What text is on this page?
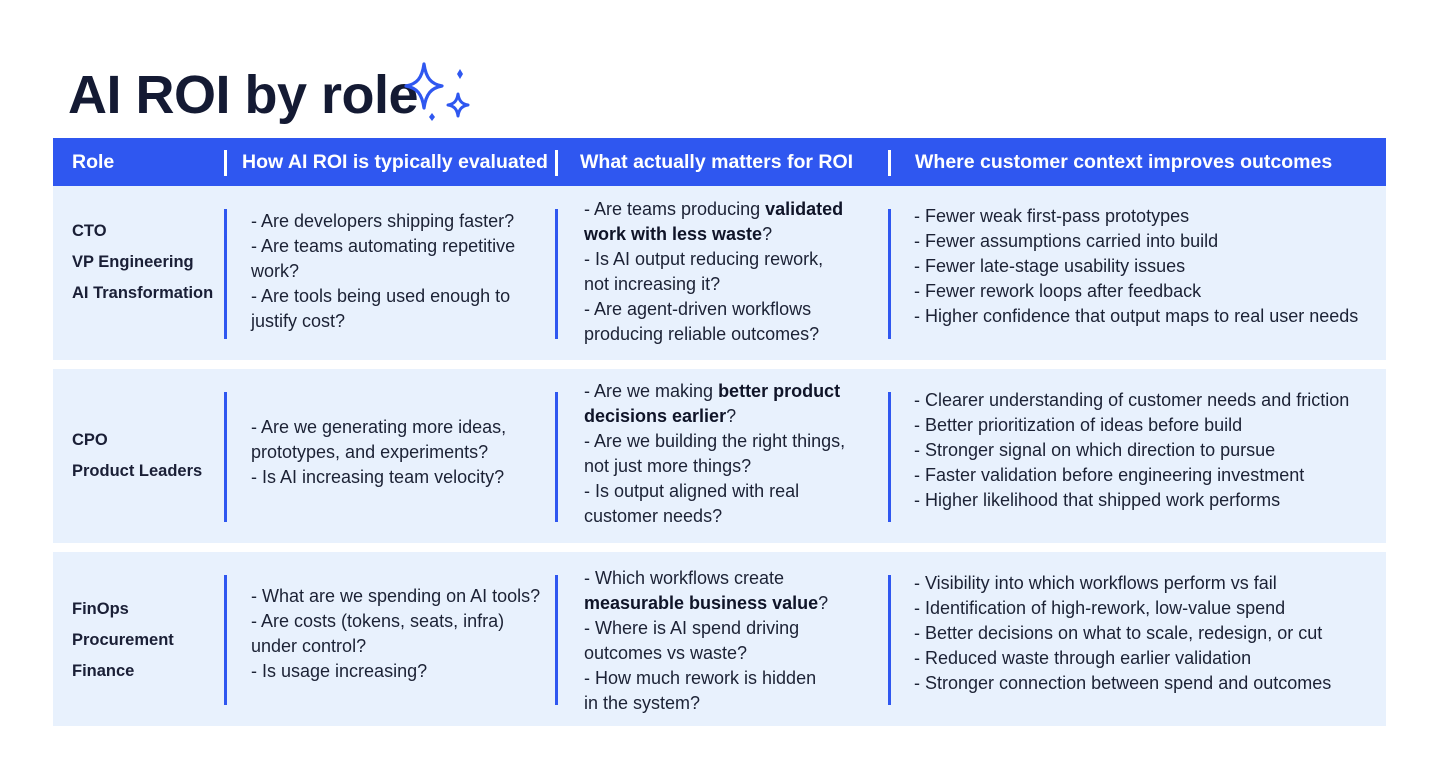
AI ROI by role
Role	How AI ROI is typically evaluated What actually matters for ROI	Where customer context improves outcomes
CTO
VP Engineering
AI Transformation
- Are developers shipping faster?
- Are teams automating repetitive
work?
- Are tools being used enough to
justify cost?
- Are teams producing validated
work with less waste?
- Is AI output reducing rework,
not increasing it?
- Are agent-driven workflows
producing reliable outcomes?
- Fewer weak first-pass prototypes
- Fewer assumptions carried into build
- Fewer late-stage usability issues
- Fewer rework loops after feedback
- Higher confidence that output maps to real user needs
CPO
Product Leaders
- Are we generating more ideas,
prototypes, and experiments?
- Is AI increasing team velocity?
- Are we making better product
decisions earlier?
- Are we building the right things,
not just more things?
- Is output aligned with real
customer needs?
- Clearer understanding of customer needs and friction
- Better prioritization of ideas before build
- Stronger signal on which direction to pursue
- Faster validation before engineering investment
- Higher likelihood that shipped work performs
FinOps
Procurement
Finance
- What are we spending on AI tools?
- Are costs (tokens, seats, infra)
under control?
- Is usage increasing?
- Which workflows create
measurable business value?
- Where is AI spend driving
outcomes vs waste?
- How much rework is hidden
in the system?
- Visibility into which workflows perform vs fail
- Identification of high-rework, low-value spend
- Better decisions on what to scale, redesign, or cut
- Reduced waste through earlier validation
- Stronger connection between spend and outcomes
